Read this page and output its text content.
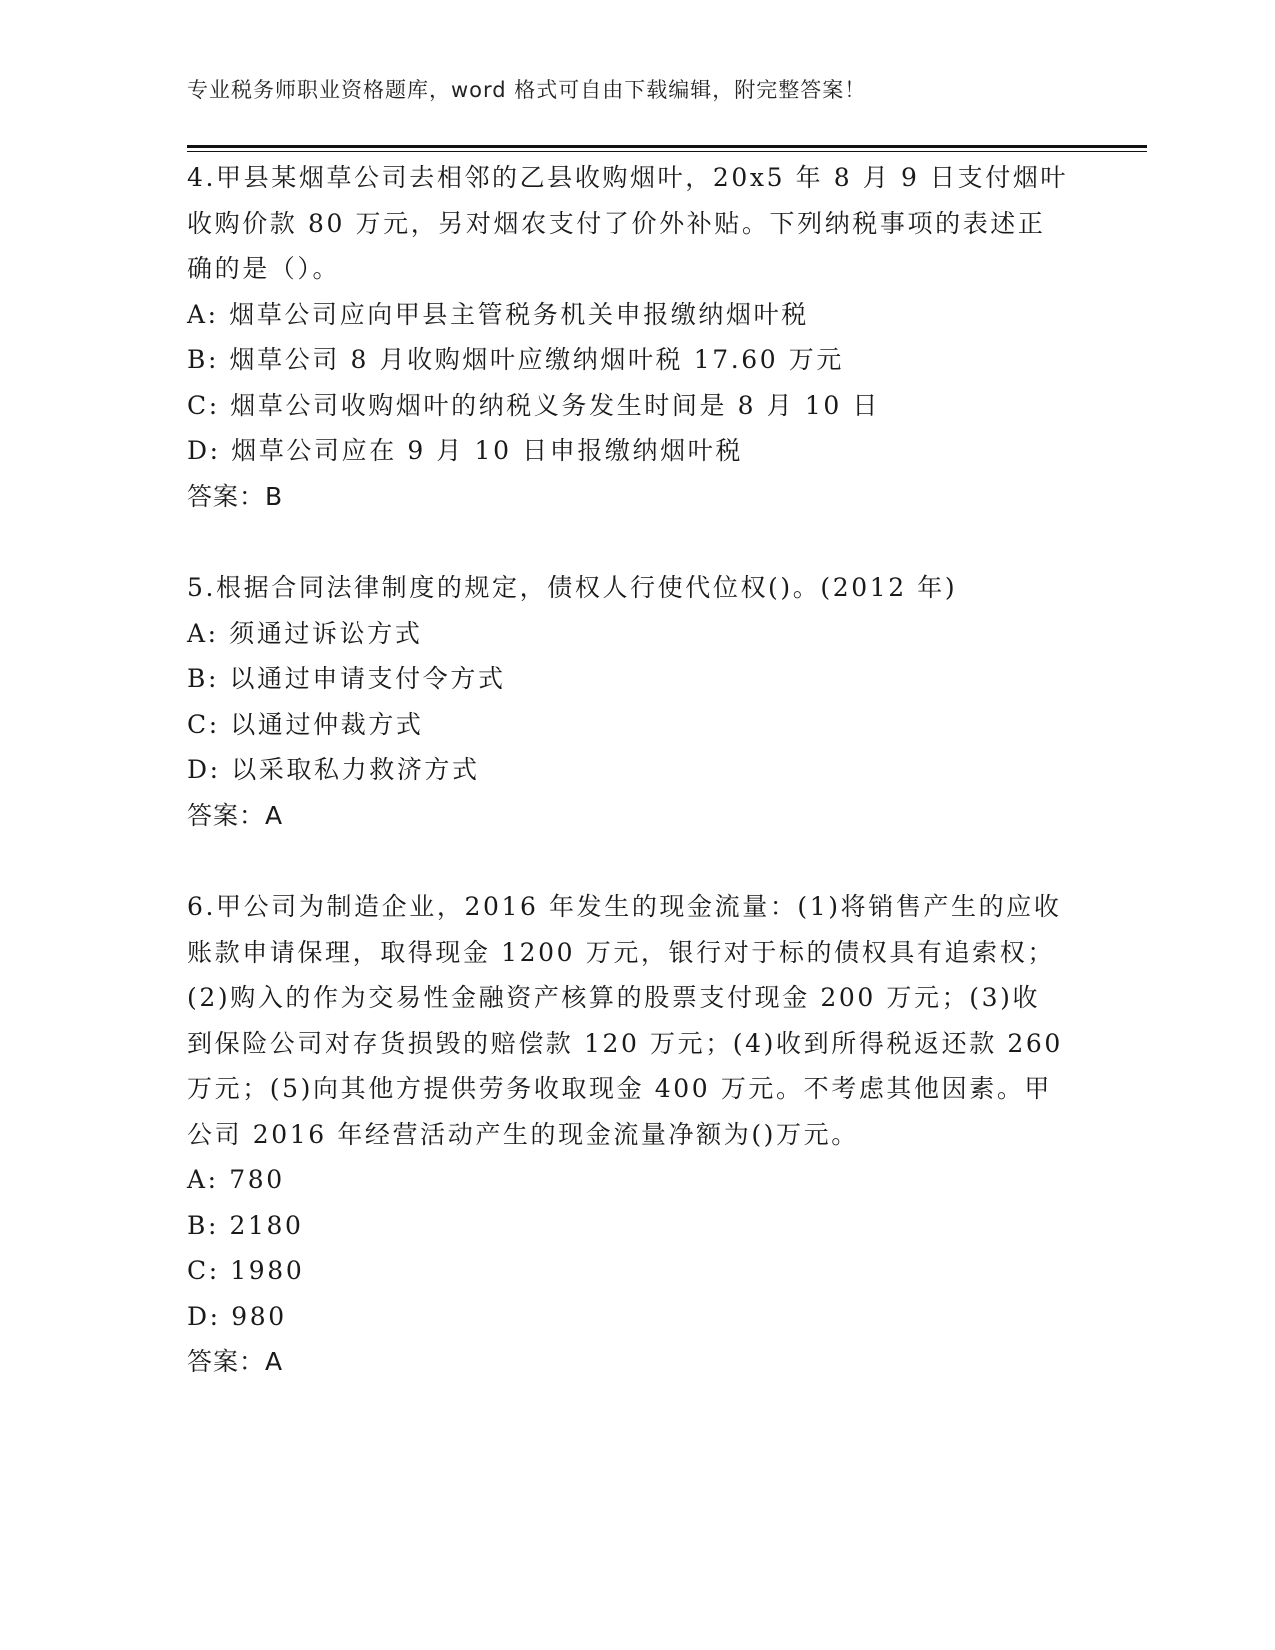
专业税务师职业资格题库，word 格式可自由下载编辑，附完整答案！
4.甲县某烟草公司去相邻的乙县收购烟叶，20x5 年 8 月 9 日支付烟叶
收购价款 80 万元，另对烟农支付了价外补贴。下列纳税事项的表述正
确的是（）。
A: 烟草公司应向甲县主管税务机关申报缴纳烟叶税
B: 烟草公司 8 月收购烟叶应缴纳烟叶税 17.60 万元
C: 烟草公司收购烟叶的纳税义务发生时间是 8 月 10 日
D: 烟草公司应在 9 月 10 日申报缴纳烟叶税
答案：B
5.根据合同法律制度的规定，债权人行使代位权()。(2012 年)
A: 须通过诉讼方式
B: 以通过申请支付令方式
C: 以通过仲裁方式
D: 以采取私力救济方式
答案：A
6.甲公司为制造企业，2016 年发生的现金流量：(1)将销售产生的应收
账款申请保理，取得现金 1200 万元，银行对于标的债权具有追索权；
(2)购入的作为交易性金融资产核算的股票支付现金 200 万元；(3)收
到保险公司对存货损毁的赔偿款 120 万元；(4)收到所得税返还款 260
万元；(5)向其他方提供劳务收取现金 400 万元。不考虑其他因素。甲
公司 2016 年经营活动产生的现金流量净额为()万元。
A: 780
B: 2180
C: 1980
D: 980
答案：A
